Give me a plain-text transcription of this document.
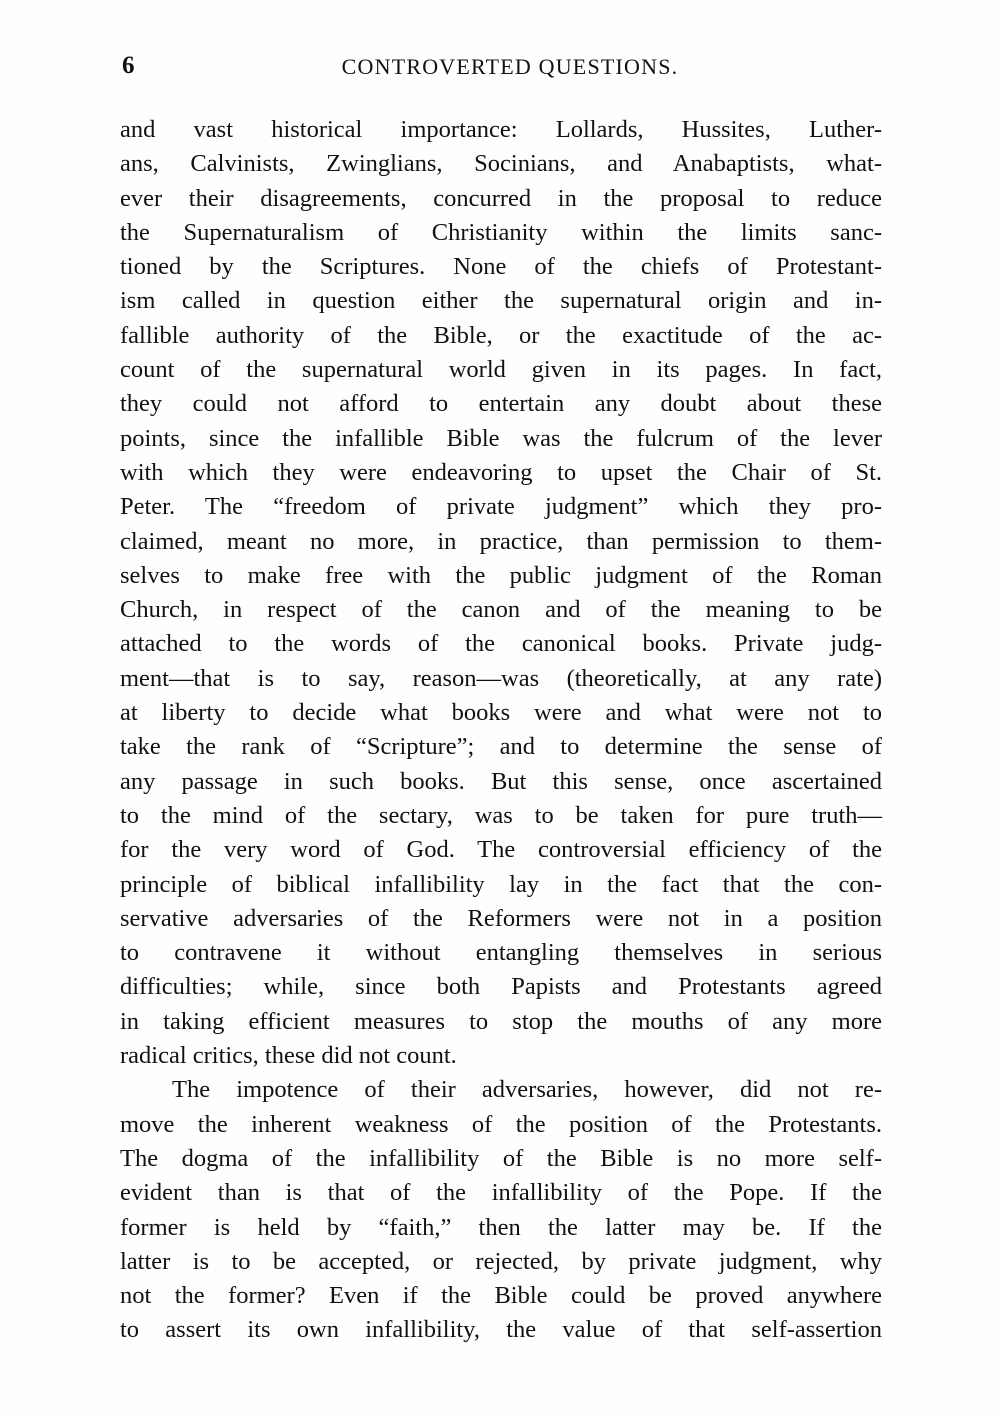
6	CONTROVERTED QUESTIONS.
and vast historical importance: Lollards, Hussites, Luther-
ans, Calvinists, Zwinglians, Socinians, and Anabaptists, what-
ever their disagreements, concurred in the proposal to reduce
the Supernaturalism of Christianity within the limits sanc-
tioned by the Scriptures. None of the chiefs of Protestant-
ism called in question either the supernatural origin and in-
fallible authority of the Bible, or the exactitude of the ac-
count of the supernatural world given in its pages. In fact,
they could not afford to entertain any doubt about these
points, since the infallible Bible was the fulcrum of the lever
with which they were endeavoring to upset the Chair of St.
Peter. The “freedom of private judgment” which they pro-
claimed, meant no more, in practice, than permission to them-
selves to make free with the public judgment of the Roman
Church, in respect of the canon and of the meaning to be
attached to the words of the canonical books. Private judg-
ment—that is to say, reason—was (theoretically, at any rate)
at liberty to decide what books were and what were not to
take the rank of “Scripture”; and to determine the sense of
any passage in such books. But this sense, once ascertained
to the mind of the sectary, was to be taken for pure truth—
for the very word of God. The controversial efficiency of the
principle of biblical infallibility lay in the fact that the con-
servative adversaries of the Reformers were not in a position
to contravene it without entangling themselves in serious
difficulties; while, since both Papists and Protestants agreed
in taking efficient measures to stop the mouths of any more
radical critics, these did not count.
The impotence of their adversaries, however, did not re-
move the inherent weakness of the position of the Protestants.
The dogma of the infallibility of the Bible is no more self-
evident than is that of the infallibility of the Pope. If the
former is held by “faith,” then the latter may be. If the
latter is to be accepted, or rejected, by private judgment, why
not the former? Even if the Bible could be proved anywhere
to assert its own infallibility, the value of that self-assertion
